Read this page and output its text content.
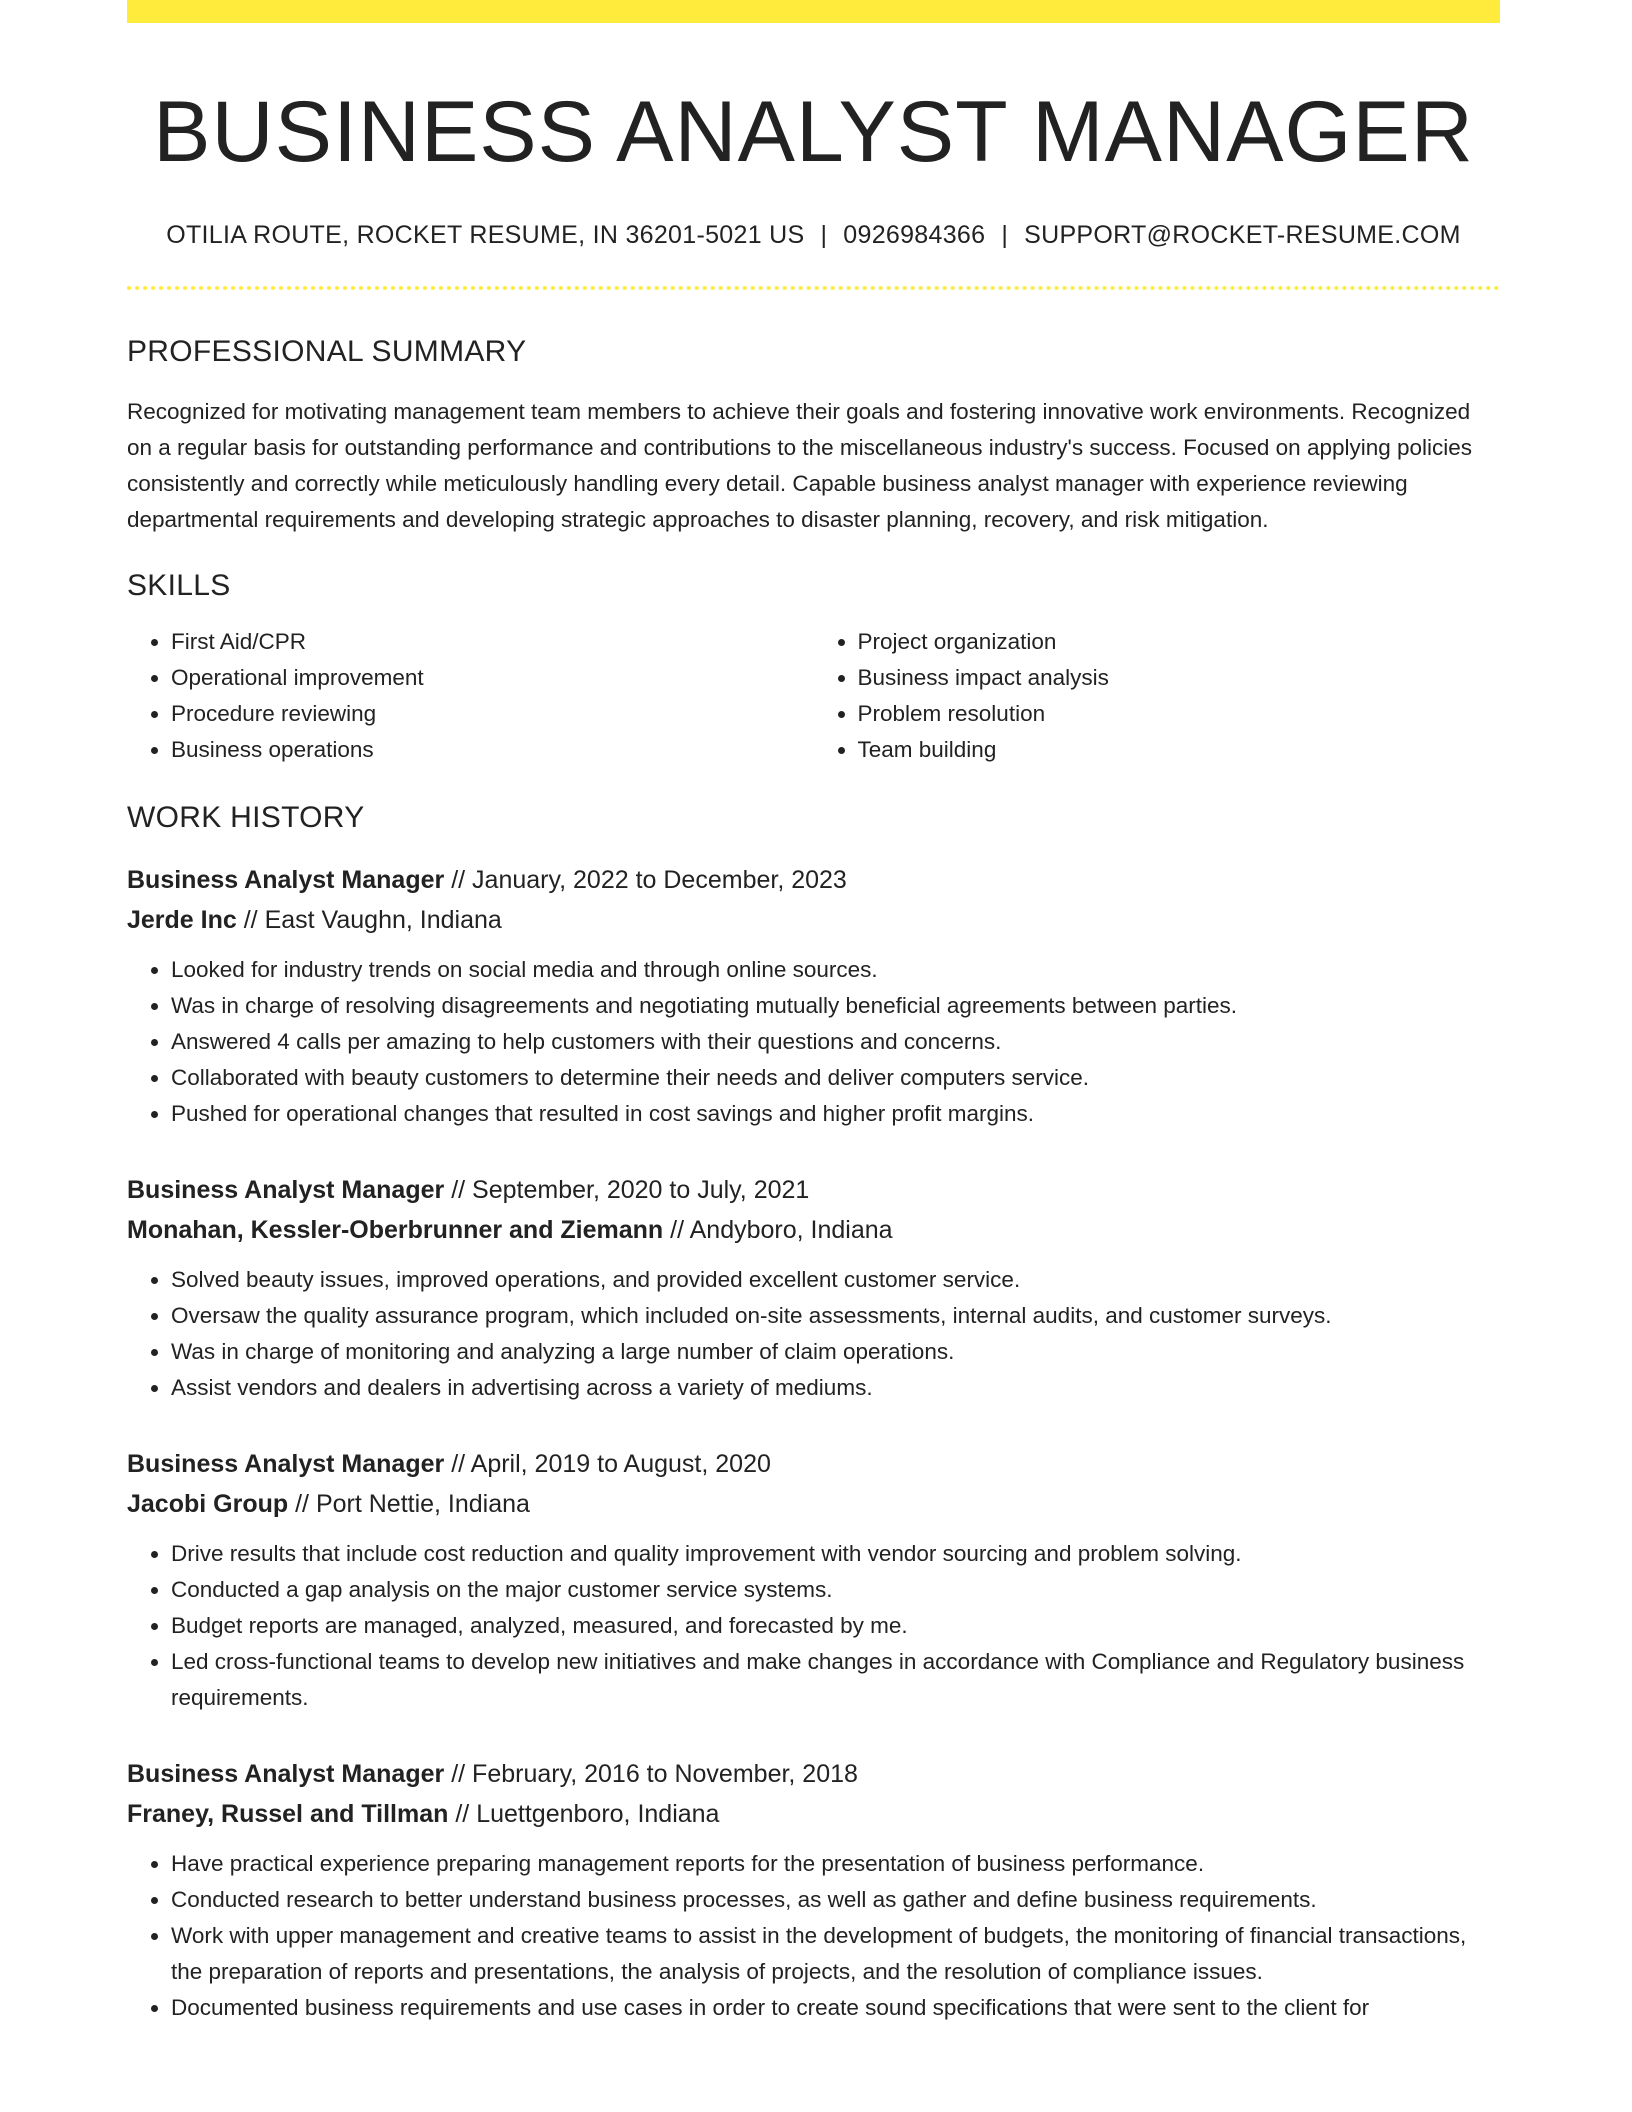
BUSINESS ANALYST MANAGER
OTILIA ROUTE, ROCKET RESUME, IN 36201-5021 US | 0926984366 | SUPPORT@ROCKET-RESUME.COM
PROFESSIONAL SUMMARY

Recognized for motivating management team members to achieve their goals and fostering innovative work environments. Recognized on a regular basis for outstanding performance and contributions to the miscellaneous industry's success. Focused on applying policies consistently and correctly while meticulously handling every detail. Capable business analyst manager with experience reviewing departmental requirements and developing strategic approaches to disaster planning, recovery, and risk mitigation.

SKILLS
• First Aid/CPR
• Operational improvement
• Procedure reviewing
• Business operations
• Project organization
• Business impact analysis
• Problem resolution
• Team building
WORK HISTORY
Business Analyst Manager // January, 2022 to December, 2023
Jerde Inc // East Vaughn, Indiana
• Looked for industry trends on social media and through online sources.
• Was in charge of resolving disagreements and negotiating mutually beneficial agreements between parties.
• Answered 4 calls per amazing to help customers with their questions and concerns.
• Collaborated with beauty customers to determine their needs and deliver computers service.
• Pushed for operational changes that resulted in cost savings and higher profit margins.
Business Analyst Manager // September, 2020 to July, 2021
Monahan, Kessler-Oberbrunner and Ziemann // Andyboro, Indiana
• Solved beauty issues, improved operations, and provided excellent customer service.
• Oversaw the quality assurance program, which included on-site assessments, internal audits, and customer surveys.
• Was in charge of monitoring and analyzing a large number of claim operations.
• Assist vendors and dealers in advertising across a variety of mediums.
Business Analyst Manager // April, 2019 to August, 2020
Jacobi Group // Port Nettie, Indiana
• Drive results that include cost reduction and quality improvement with vendor sourcing and problem solving.
• Conducted a gap analysis on the major customer service systems.
• Budget reports are managed, analyzed, measured, and forecasted by me.
• Led cross-functional teams to develop new initiatives and make changes in accordance with Compliance and Regulatory business requirements.
Business Analyst Manager // February, 2016 to November, 2018
Franey, Russel and Tillman // Luettgenboro, Indiana
• Have practical experience preparing management reports for the presentation of business performance.
• Conducted research to better understand business processes, as well as gather and define business requirements.
• Work with upper management and creative teams to assist in the development of budgets, the monitoring of financial transactions, the preparation of reports and presentations, the analysis of projects, and the resolution of compliance issues.
• Documented business requirements and use cases in order to create sound specifications that were sent to the client for
